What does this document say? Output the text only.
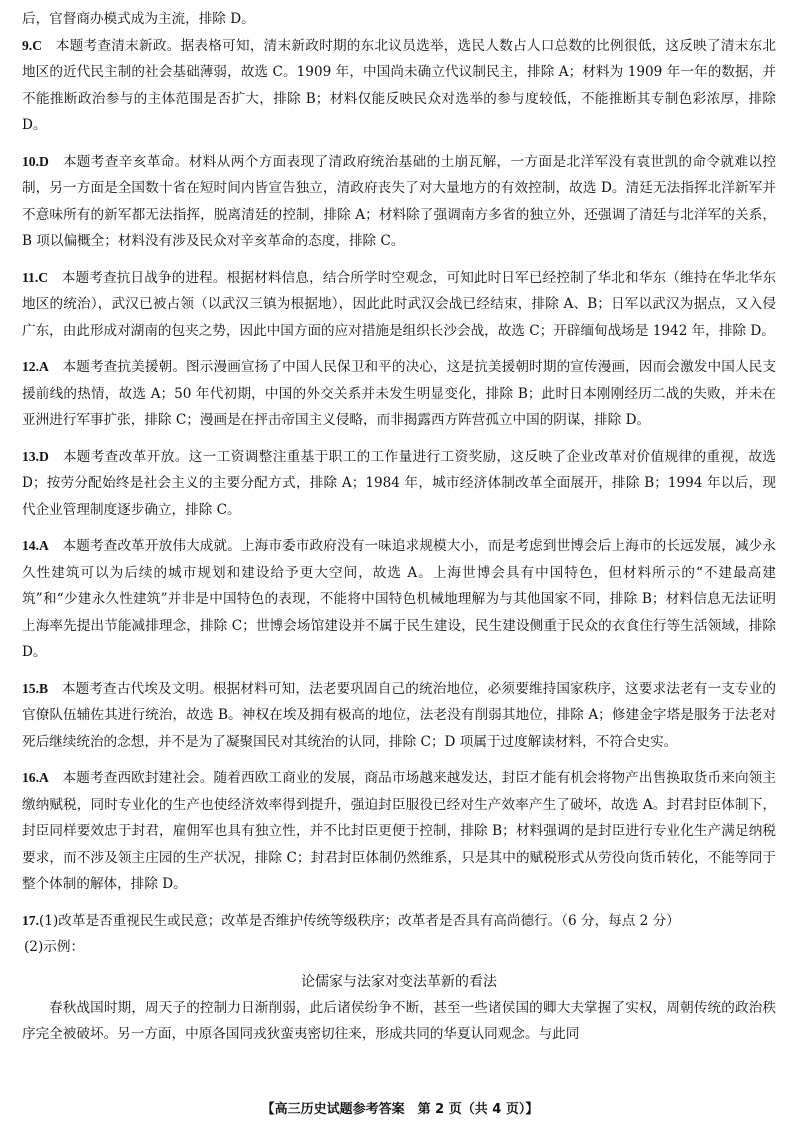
后，官督商办模式成为主流，排除 D。

9.C  本题考查清末新政。据表格可知，清末新政时期的东北议员选举，选民人数占人口总数的比例很低，这反映了清末东北地区的近代民主制的社会基础薄弱，故选 C。1909 年，中国尚未确立代议制民主，排除 A；材料为 1909 年一年的数据，并不能推断政治参与的主体范围是否扩大，排除 B；材料仅能反映民众对选举的参与度较低，不能推断其专制色彩浓厚，排除 D。

10.D  本题考查辛亥革命。材料从两个方面表现了清政府统治基础的土崩瓦解，一方面是北洋军没有袁世凯的命令就难以控制，另一方面是全国数十省在短时间内皆宣告独立，清政府丧失了对大量地方的有效控制，故选 D。清廷无法指挥北洋新军并不意味所有的新军都无法指挥，脱离清廷的控制，排除 A；材料除了强调南方多省的独立外，还强调了清廷与北洋军的关系，B 项以偏概全；材料没有涉及民众对辛亥革命的态度，排除 C。

11.C  本题考查抗日战争的进程。根据材料信息，结合所学时空观念，可知此时日军已经控制了华北和华东（维持在华北华东地区的统治），武汉已被占领（以武汉三镇为根据地），因此此时武汉会战已经结束，排除 A、B；日军以武汉为据点，又入侵广东，由此形成对湖南的包夹之势，因此中国方面的应对措施是组织长沙会战，故选 C；开辟缅甸战场是 1942 年，排除 D。

12.A  本题考查抗美援朝。图示漫画宣扬了中国人民保卫和平的决心，这是抗美援朝时期的宣传漫画，因而会激发中国人民支援前线的热情，故选 A；50 年代初期，中国的外交关系并未发生明显变化，排除 B；此时日本刚刚经历二战的失败，并未在亚洲进行军事扩张，排除 C；漫画是在抨击帝国主义侵略，而非揭露西方阵营孤立中国的阴谋，排除 D。

13.D  本题考查改革开放。这一工资调整注重基于职工的工作量进行工资奖励，这反映了企业改革对价值规律的重视，故选 D；按劳分配始终是社会主义的主要分配方式，排除 A；1984 年，城市经济体制改革全面展开，排除 B；1994 年以后，现代企业管理制度逐步确立，排除 C。

14.A  本题考查改革开放伟大成就。上海市委市政府没有一味追求规模大小，而是考虑到世博会后上海市的长远发展，减少永久性建筑可以为后续的城市规划和建设给予更大空间，故选 A。上海世博会具有中国特色，但材料所示的“不建最高建筑”和“少建永久性建筑”并非是中国特色的表现，不能将中国特色机械地理解为与其他国家不同，排除 B；材料信息无法证明上海率先提出节能减排理念，排除 C；世博会场馆建设并不属于民生建设，民生建设侧重于民众的衣食住行等生活领域，排除 D。

15.B  本题考查古代埃及文明。根据材料可知，法老要巩固自己的统治地位，必须要维持国家秩序，这要求法老有一支专业的官僚队伍辅佐其进行统治，故选 B。神权在埃及拥有极高的地位，法老没有削弱其地位，排除 A；修建金字塔是服务于法老对死后继续统治的念想，并不是为了凝聚国民对其统治的认同，排除 C；D 项属于过度解读材料，不符合史实。

16.A  本题考查西欧封建社会。随着西欧工商业的发展，商品市场越来越发达，封臣才能有机会将物产出售换取货币来向领主缴纳赋税，同时专业化的生产也使经济效率得到提升，强迫封臣服役已经对生产效率产生了破坏，故选 A。封君封臣体制下，封臣同样要效忠于封君，雇佣军也具有独立性，并不比封臣更便于控制，排除 B；材料强调的是封臣进行专业化生产满足纳税要求，而不涉及领主庄园的生产状况，排除 C；封君封臣体制仍然维系，只是其中的赋税形式从劳役向货币转化，不能等同于整个体制的解体，排除 D。

17.(1)改革是否重视民生或民意；改革是否维护传统等级秩序；改革者是否具有高尚德行。（6 分，每点 2 分）

(2)示例：

论儒家与法家对变法革新的看法

春秋战国时期，周天子的控制力日渐削弱，此后诸侯纷争不断，甚至一些诸侯国的卿大夫掌握了实权，周朝传统的政治秩序完全被破坏。另一方面，中原各国同戎狄蛮夷密切往来，形成共同的华夏认同观念。与此同

【高三历史试题参考答案　第 2 页（共 4 页）】
